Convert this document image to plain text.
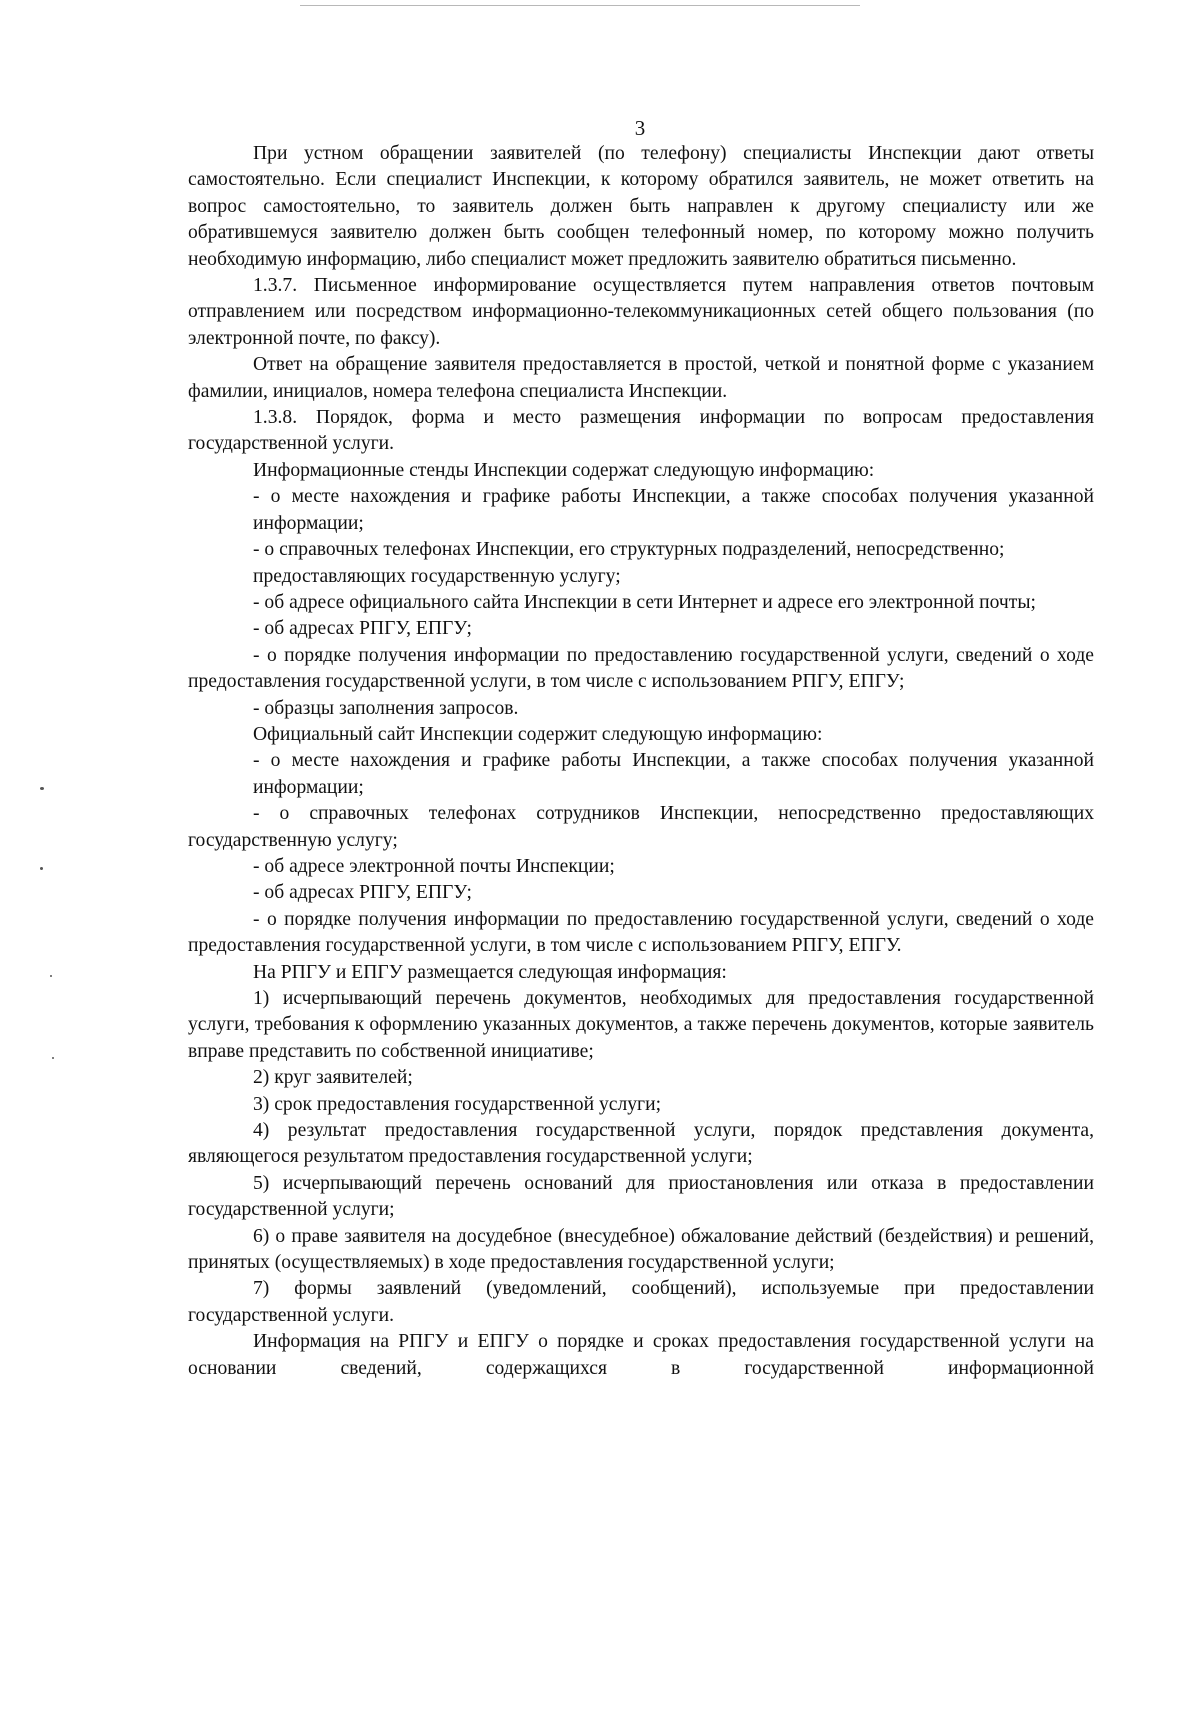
3

При устном обращении заявителей (по телефону) специалисты Инспекции дают ответы самостоятельно. Если специалист Инспекции, к которому обратился заявитель, не может ответить на вопрос самостоятельно, то заявитель должен быть направлен к другому специалисту или же обратившемуся заявителю должен быть сообщен телефонный номер, по которому можно получить необходимую информацию, либо специалист может предложить заявителю обратиться письменно.

1.3.7. Письменное информирование осуществляется путем направления ответов почтовым отправлением или посредством информационно-телекоммуникационных сетей общего пользования (по электронной почте, по факсу).

Ответ на обращение заявителя предоставляется в простой, четкой и понятной форме с указанием фамилии, инициалов, номера телефона специалиста Инспекции.

1.3.8. Порядок, форма и место размещения информации по вопросам предоставления государственной услуги.

Информационные стенды Инспекции содержат следующую информацию:

- о месте нахождения и графике работы Инспекции, а также способах получения указанной информации;

- о справочных телефонах Инспекции, его структурных подразделений, непосредственно;

предоставляющих государственную услугу;

- об адресе официального сайта Инспекции в сети Интернет и адресе его электронной почты;

- об адресах РПГУ, ЕПГУ;

- о порядке получения информации по предоставлению государственной услуги, сведений о ходе предоставления государственной услуги, в том числе с использованием РПГУ, ЕПГУ;

- образцы заполнения запросов.

Официальный сайт Инспекции содержит следующую информацию:

- о месте нахождения и графике работы Инспекции, а также способах получения указанной информации;

- о справочных телефонах сотрудников Инспекции, непосредственно предоставляющих государственную услугу;

- об адресе электронной почты Инспекции;

- об адресах РПГУ, ЕПГУ;

- о порядке получения информации по предоставлению государственной услуги, сведений о ходе предоставления государственной услуги, в том числе с использованием РПГУ, ЕПГУ.

На РПГУ и ЕПГУ размещается следующая информация:

1) исчерпывающий перечень документов, необходимых для предоставления государственной услуги, требования к оформлению указанных документов, а также перечень документов, которые заявитель вправе представить по собственной инициативе;

2) круг заявителей;

3) срок предоставления государственной услуги;

4) результат предоставления государственной услуги, порядок представления документа, являющегося результатом предоставления государственной услуги;

5) исчерпывающий перечень оснований для приостановления или отказа в предоставлении государственной услуги;

6) о праве заявителя на досудебное (внесудебное) обжалование действий (бездействия) и решений, принятых (осуществляемых) в ходе предоставления государственной услуги;

7) формы заявлений (уведомлений, сообщений), используемые при предоставлении государственной услуги.

Информация на РПГУ и ЕПГУ о порядке и сроках предоставления государственной услуги на основании сведений, содержащихся в государственной информационной
